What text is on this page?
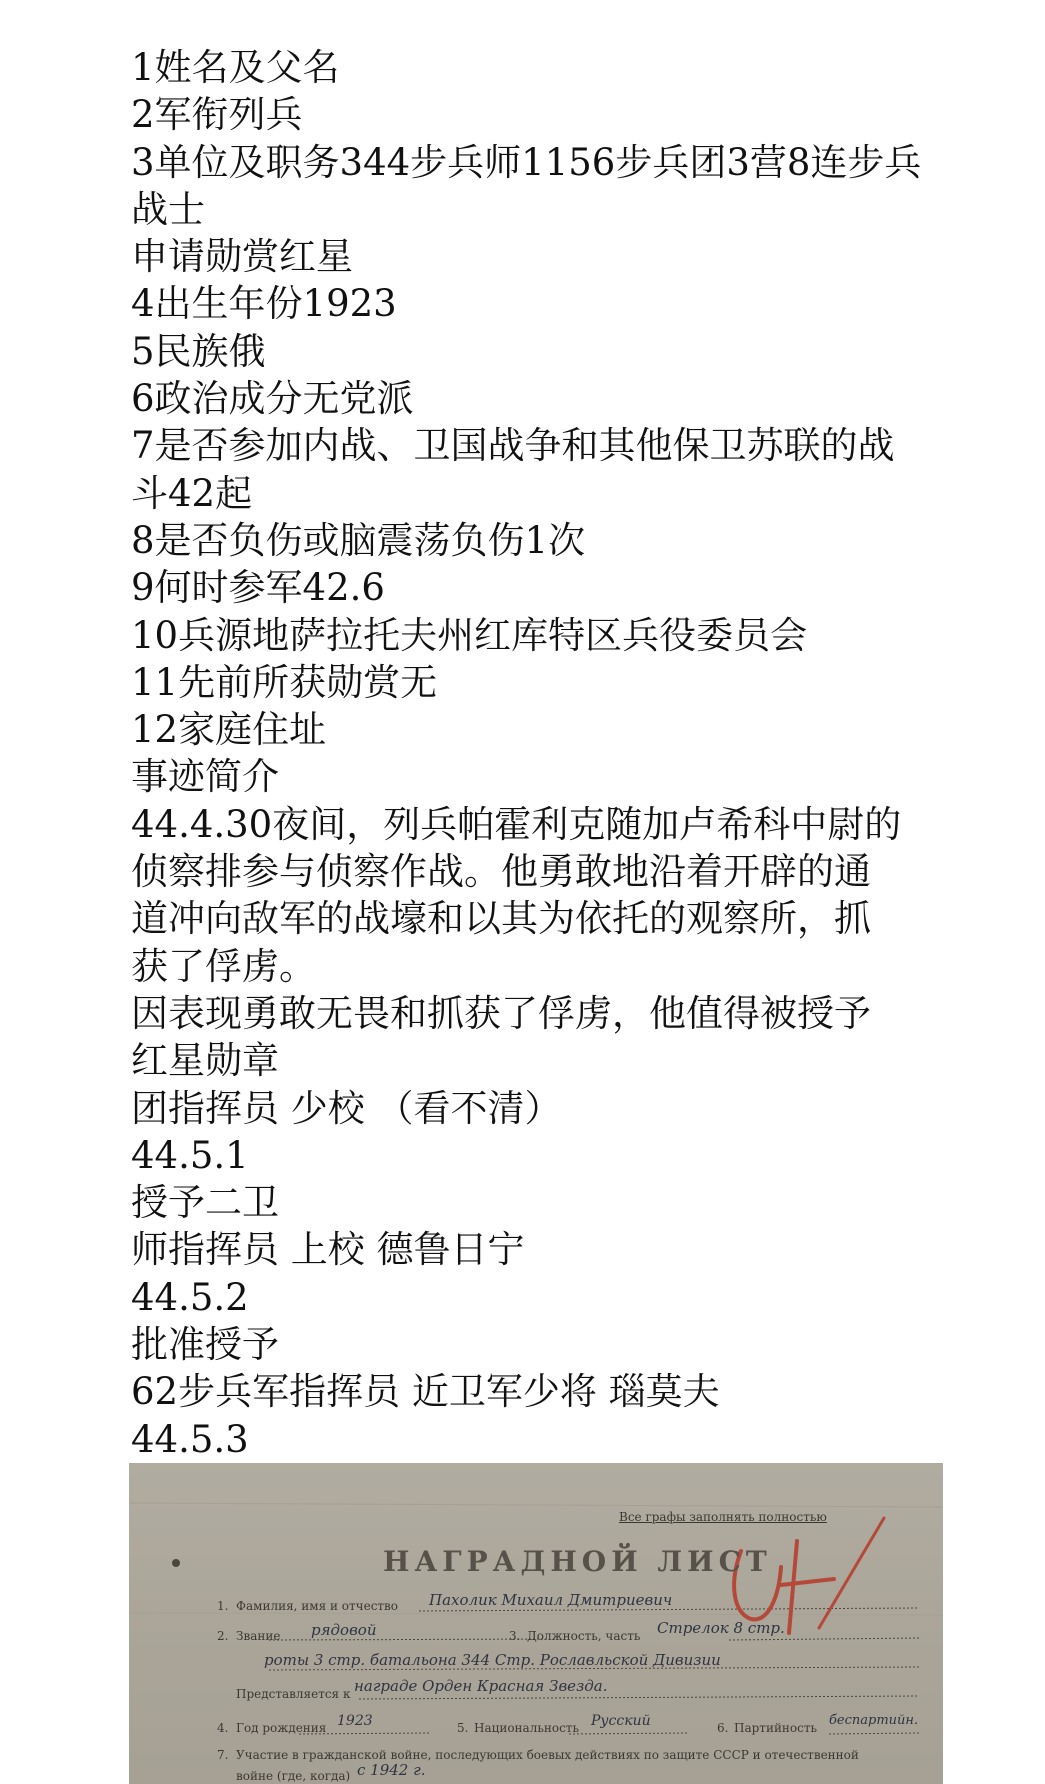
1姓名及父名
2军衔列兵
3单位及职务344步兵师1156步兵团3营8连步兵
战士
申请勋赏红星
4出生年份1923
5民族俄
6政治成分无党派
7是否参加内战、卫国战争和其他保卫苏联的战
斗42起
8是否负伤或脑震荡负伤1次
9何时参军42.6
10兵源地萨拉托夫州红库特区兵役委员会
11先前所获勋赏无
12家庭住址
事迹简介
44.4.30夜间，列兵帕霍利克随加卢希科中尉的
侦察排参与侦察作战。他勇敢地沿着开辟的通
道冲向敌军的战壕和以其为依托的观察所，抓
获了俘虏。
因表现勇敢无畏和抓获了俘虏，他值得被授予
红星勋章
团指挥员 少校 （看不清）
44.5.1
授予二卫
师指挥员 上校 德鲁日宁
44.5.2
批准授予
62步兵军指挥员 近卫军少将 瑙莫夫
44.5.3
Все графы заполнять полностью
НАГРАДНОЙ ЛИСТ
1. Фамилия, имя и отчество Пахолик Михаил Дмитриевич
2. Звание рядовой	3. Должность, часть Стрелок 8 стр.
роты 3 стр. батальона 344 Стр. Рославльской Дивизии
Представляется к награде Орден Красная Звезда.
4. Год рождения 1923	5. Национальность Русский	6. Партийность беспартийн.
7. Участие в гражданской войне, последующих боевых действиях по защите СССР и отечественной
войне (где, когда) с 1942 г.
